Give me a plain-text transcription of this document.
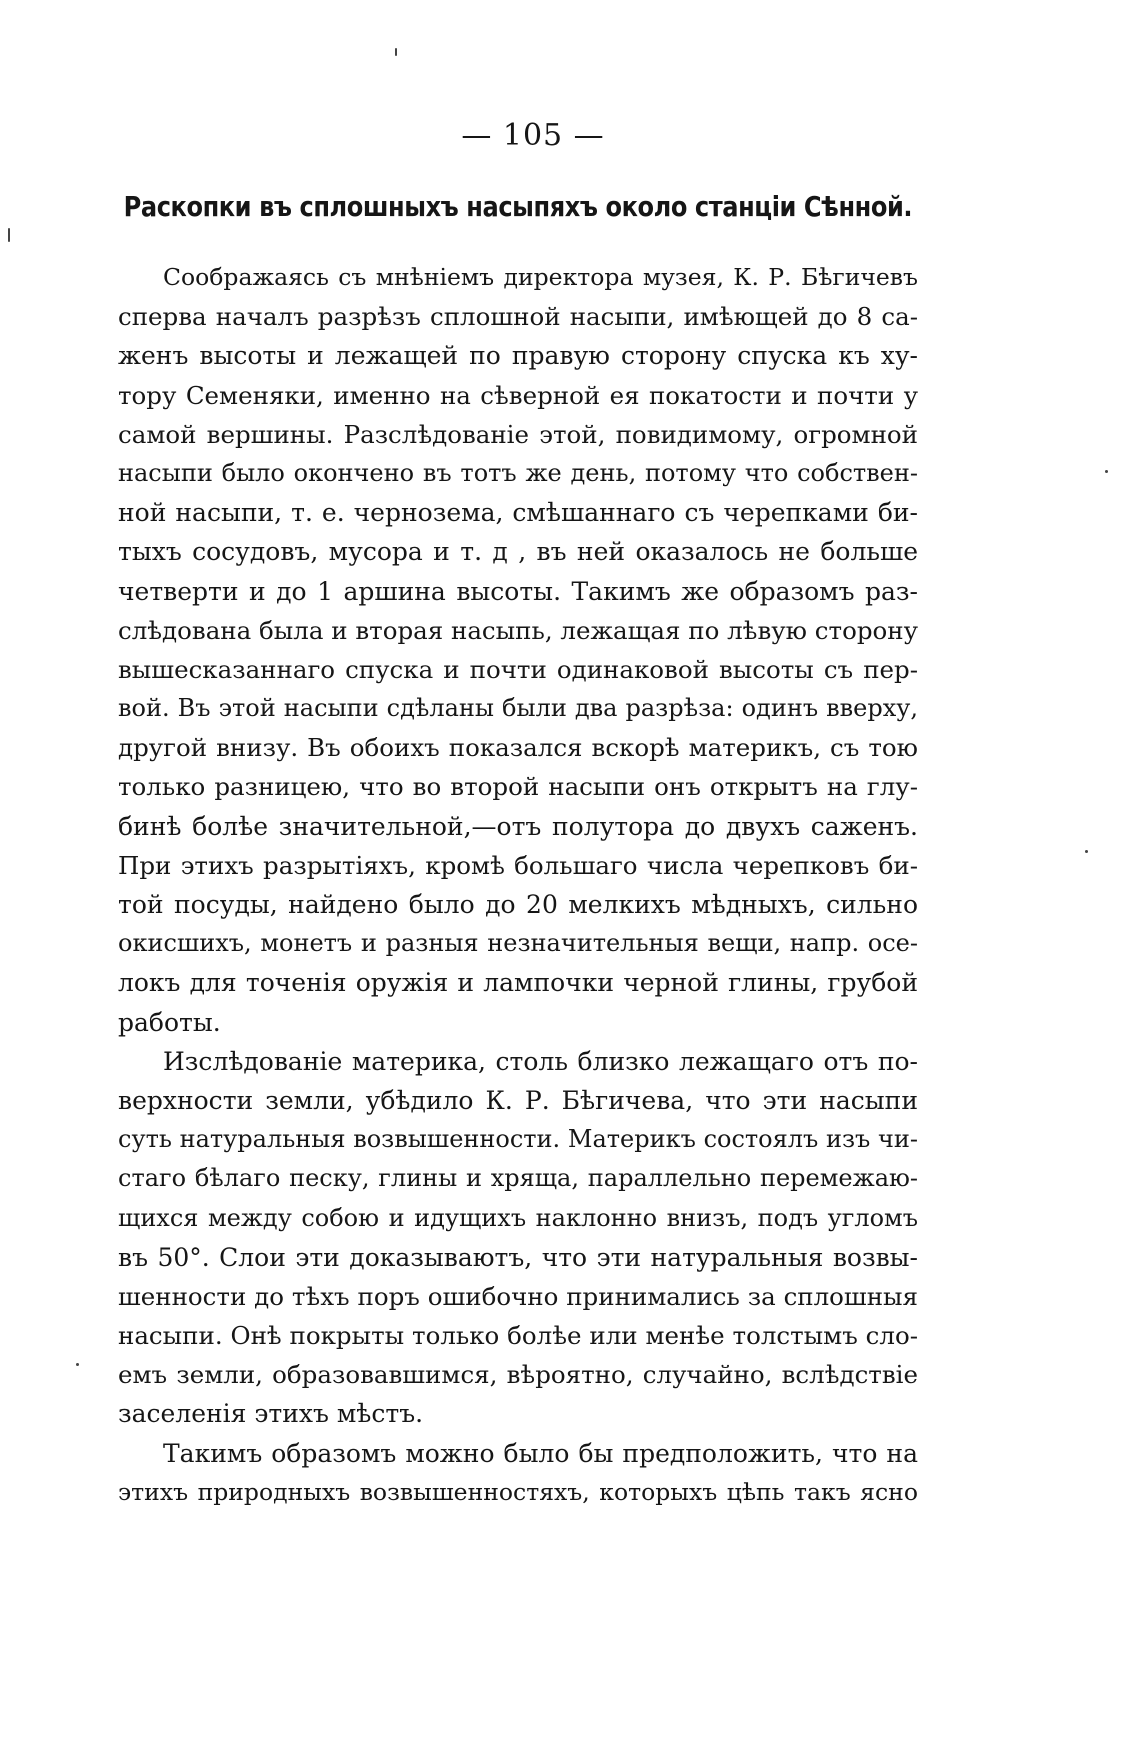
— 105 —
Раскопки въ сплошныхъ насыпяхъ около станціи Сѣнной.
Соображаясь съ мнѣніемъ директора музея, К. Р. Бѣгичевъ
сперва началъ разрѣзъ сплошной насыпи, имѣющей до 8 са-
женъ высоты и лежащей по правую сторону спуска къ ху-
тору Семеняки, именно на сѣверной ея покатости и почти у
самой вершины. Разслѣдованіе этой, повидимому, огромной
насыпи было окончено въ тотъ же день, потому что собствен-
ной насыпи, т. е. чернозема, смѣшаннаго съ черепками би-
тыхъ сосудовъ, мусора и т. д , въ ней оказалось не больше
четверти и до 1 аршина высоты. Такимъ же образомъ раз-
слѣдована была и вторая насыпь, лежащая по лѣвую сторону
вышесказаннаго спуска и почти одинаковой высоты съ пер-
вой. Въ этой насыпи сдѣланы были два разрѣза: одинъ вверху,
другой внизу. Въ обоихъ показался вскорѣ материкъ, съ тою
только разницею, что во второй насыпи онъ открытъ на глу-
бинѣ болѣе значительной,—отъ полутора до двухъ саженъ.
При этихъ разрытіяхъ, кромѣ большаго числа черепковъ би-
той посуды, найдено было до 20 мелкихъ мѣдныхъ, сильно
окисшихъ, монетъ и разныя незначительныя вещи, напр. осе-
локъ для точенія оружія и лампочки черной глины, грубой
работы.
Изслѣдованіе материка, столь близко лежащаго отъ по-
верхности земли, убѣдило К. Р. Бѣгичева, что эти насыпи
суть натуральныя возвышенности. Материкъ состоялъ изъ чи-
стаго бѣлаго песку, глины и хряща, параллельно перемежаю-
щихся между собою и идущихъ наклонно внизъ, подъ угломъ
въ 50°. Слои эти доказываютъ, что эти натуральныя возвы-
шенности до тѣхъ поръ ошибочно принимались за сплошныя
насыпи. Онѣ покрыты только болѣе или менѣе толстымъ сло-
емъ земли, образовавшимся, вѣроятно, случайно, вслѣдствіе
заселенія этихъ мѣстъ.
Такимъ образомъ можно было бы предположить, что на
этихъ природныхъ возвышенностяхъ, которыхъ цѣпь такъ ясно
